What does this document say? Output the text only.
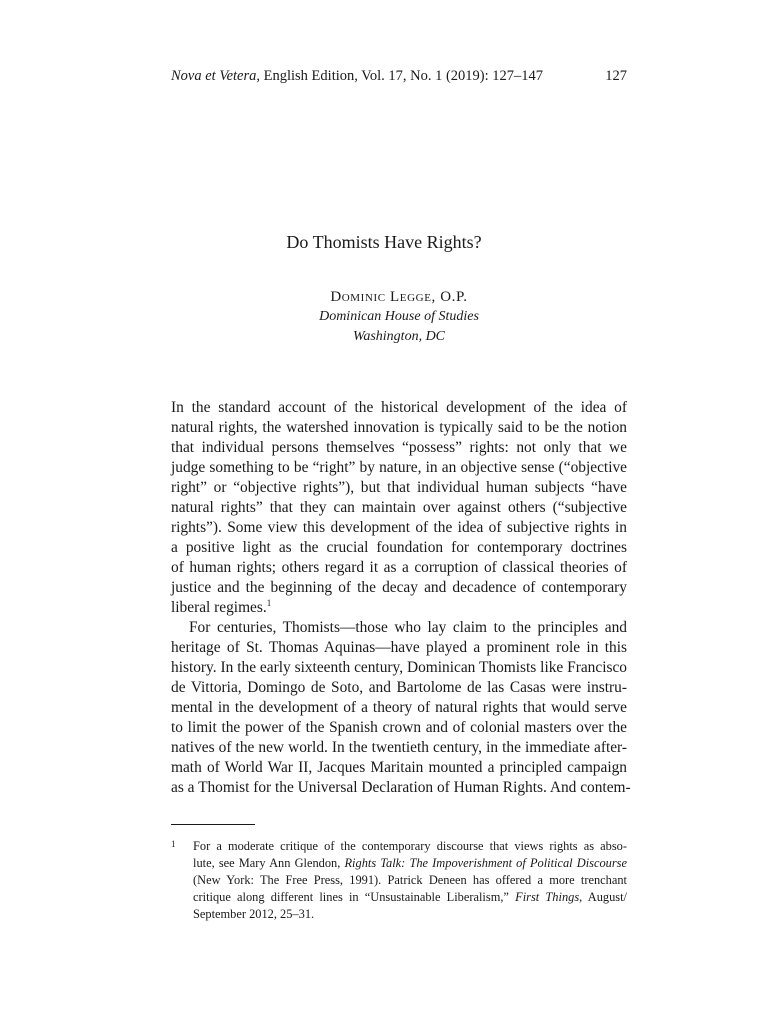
Nova et Vetera, English Edition, Vol. 17, No. 1 (2019): 127–147	127
Do Thomists Have Rights?
Dominic Legge, O.P.
Dominican House of Studies
Washington, DC
In the standard account of the historical development of the idea of
natural rights, the watershed innovation is typically said to be the notion
that individual persons themselves “possess” rights: not only that we
judge something to be “right” by nature, in an objective sense (“objective
right” or “objective rights”), but that individual human subjects “have
natural rights” that they can maintain over against others (“subjective
rights”). Some view this development of the idea of subjective rights in
a positive light as the crucial foundation for contemporary doctrines
of human rights; others regard it as a corruption of classical theories of
justice and the beginning of the decay and decadence of contemporary
liberal regimes.$^1$
For centuries, Thomists—those who lay claim to the principles and
heritage of St. Thomas Aquinas—have played a prominent role in this
history. In the early sixteenth century, Dominican Thomists like Francisco
de Vittoria, Domingo de Soto, and Bartolome de las Casas were instru-
mental in the development of a theory of natural rights that would serve
to limit the power of the Spanish crown and of colonial masters over the
natives of the new world. In the twentieth century, in the immediate after-
math of World War II, Jacques Maritain mounted a principled campaign
as a Thomist for the Universal Declaration of Human Rights. And contem-
1 For a moderate critique of the contemporary discourse that views rights as abso-
lute, see Mary Ann Glendon, Rights Talk: The Impoverishment of Political Discourse
(New York: The Free Press, 1991). Patrick Deneen has offered a more trenchant
critique along different lines in “Unsustainable Liberalism,” First Things, August/
September 2012, 25–31.
